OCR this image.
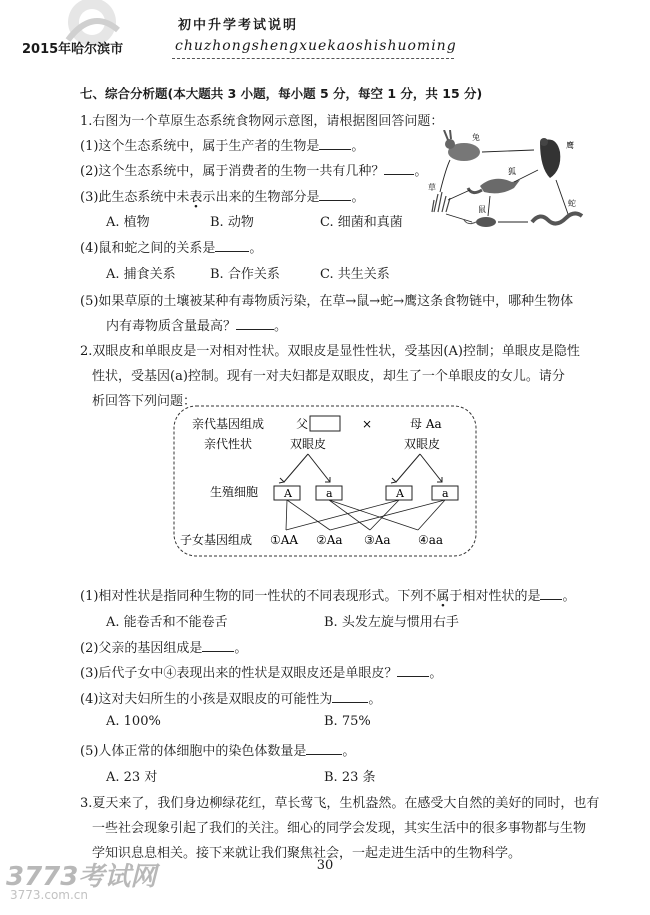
2015年哈尔滨市
初中升学考试说明
chuzhongshengxuekaoshishuoming
七、综合分析题(本大题共 3 小题，每小题 5 分，每空 1 分，共 15 分)
1.右图为一个草原生态系统食物网示意图，请根据图回答问题：
(1)这个生态系统中，属于生产者的生物是 。
(2)这个生态系统中，属于消费者的生物一共有几种？ 。
(3)此生态系统中未表示出来的生物部分是 。
A. 植物	B. 动物	C. 细菌和真菌
(4)鼠和蛇之间的关系是	。
A. 捕食关系	B. 合作关系	C. 共生关系
(5)如果草原的土壤被某种有毒物质污染，在草→鼠→蛇→鹰这条食物链中，哪种生物体
内有毒物质含量最高？	。
兔
鹰
狐
草
鼠
蛇
2.双眼皮和单眼皮是一对相对性状。双眼皮是显性性状，受基因(A)控制；单眼皮是隐性
性状，受基因(a)控制。现有一对夫妇都是双眼皮，却生了一个单眼皮的女儿。请分
析回答下列问题：
亲代基因组成	父	×	母 Aa
亲代性状	双眼皮	双眼皮
生殖细胞 A	a	A	a
子女基因组成 ①AA ②Aa ③Aa ④aa
(1)相对性状是指同种生物的同一性状的不同表现形式。下列不属于相对性状的是 。
A. 能卷舌和不能卷舌	B. 头发左旋与惯用右手
(2)父亲的基因组成是 。
(3)后代子女中④表现出来的性状是双眼皮还是单眼皮？ 。
(4)这对夫妇所生的小孩是双眼皮的可能性为	。
A. 100%	B. 75%
(5)人体正常的体细胞中的染色体数量是	。
A. 23 对	B. 23 条
3.夏天来了，我们身边柳绿花红，草长莺飞，生机盎然。在感受大自然的美好的同时，也有
一些社会现象引起了我们的关注。细心的同学会发现，其实生活中的很多事物都与生物
学知识息息相关。接下来就让我们聚焦社会，一起走进生活中的生物科学。
30
3773考试网
3773.com.cn
